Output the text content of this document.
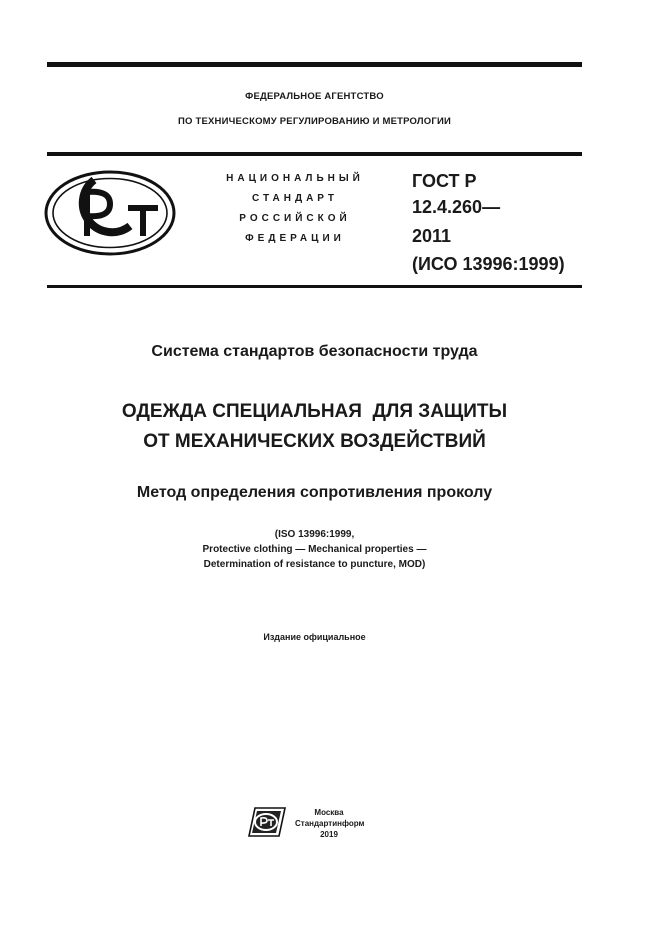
ФЕДЕРАЛЬНОЕ АГЕНТСТВО
ПО ТЕХНИЧЕСКОМУ РЕГУЛИРОВАНИЮ И МЕТРОЛОГИИ
НАЦИОНАЛЬНЫЙ
СТАНДАРТ
РОССИЙСКОЙ
ФЕДЕРАЦИИ
ГОСТ Р
12.4.260—
2011
(ИСО 13996:1999)
Система стандартов безопасности труда
ОДЕЖДА СПЕЦИАЛЬНАЯ  ДЛЯ ЗАЩИТЫ
ОТ МЕХАНИЧЕСКИХ ВОЗДЕЙСТВИЙ
Метод определения сопротивления проколу
(ISO 13996:1999,
Protective clothing — Mechanical properties —
Determination of resistance to puncture, MOD)
Издание официальное
Москва
Стандартинформ
2019
